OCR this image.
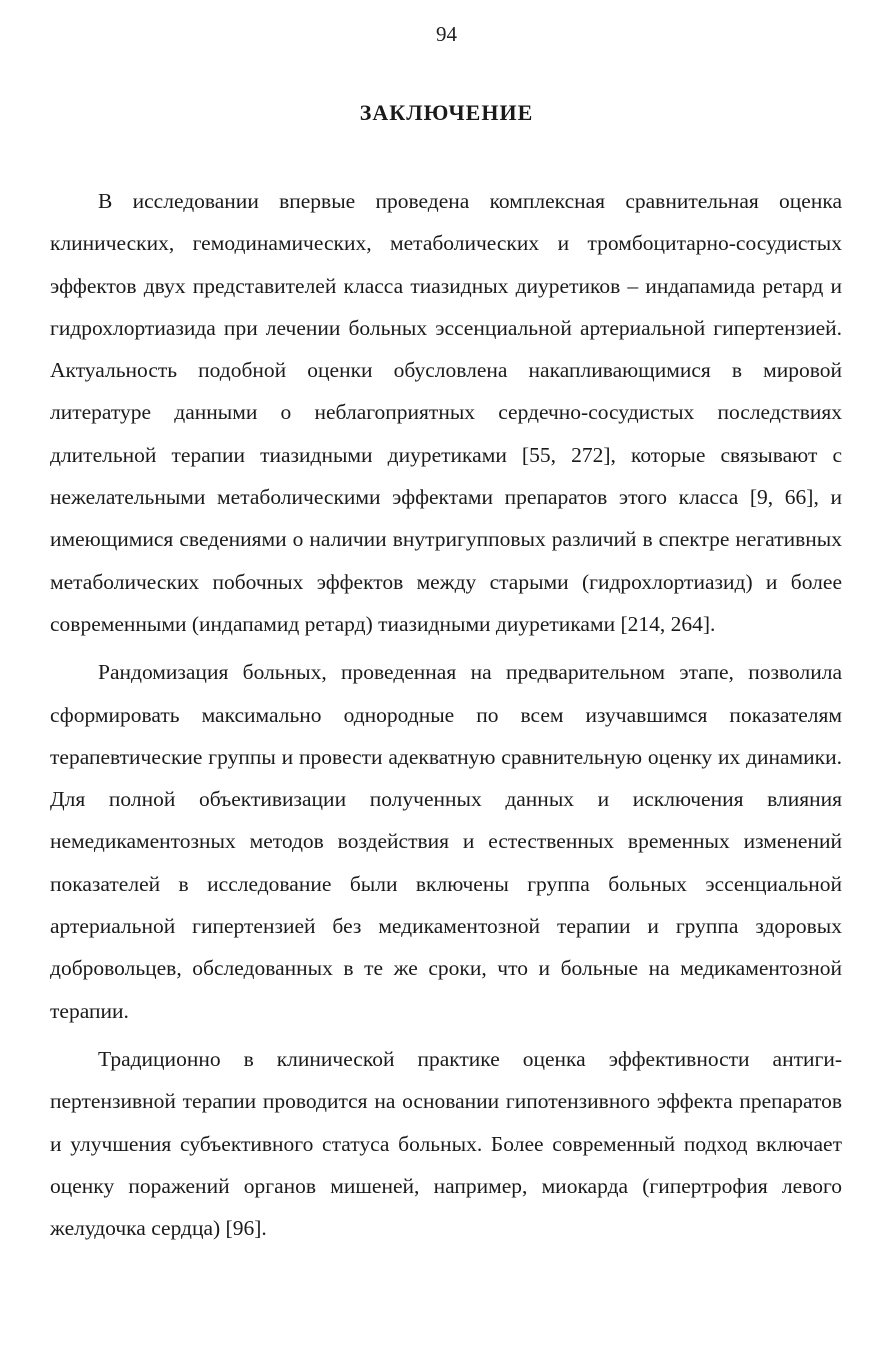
94
ЗАКЛЮЧЕНИЕ

В исследовании впервые проведена комплексная сравнительная оценка клинических, гемодинамических, метаболических и тромбоцитарно-сосудистых эффектов двух представителей класса тиазидных диуретиков – индапамида ретард и гидрохлортиазида при лечении больных эссенциальной артериальной гипертензией. Актуальность подобной оценки обусловлена накапливающимися в мировой литературе данными о неблагоприятных сердечно-сосудистых последствиях длительной терапии тиазидными диуретиками [55, 272], которые связывают с нежелательными метаболическими эффектами препаратов этого класса [9, 66], и имеющимися сведениями о наличии внутригупповых различий в спектре негативных метаболических побочных эффектов между старыми (гидрохлортиазид) и более современными (индапамид ретард) тиазидными диуретиками [214, 264].

Рандомизация больных, проведенная на предварительном этапе, позволила сформировать максимально однородные по всем изучавшимся показателям терапевтические группы и провести адекватную сравнительную оценку их динамики. Для полной объективизации полученных данных и исключения влияния немедикаментозных методов воздействия и естественных временных изменений показателей в исследование были включены группа больных эссенциальной артериальной гипертензией без медикаментозной терапии и группа здоровых добровольцев, обследованных в те же сроки, что и больные на медикаментозной терапии.

Традиционно в клинической практике оценка эффективности антигипертензивной терапии проводится на основании гипотензивного эффекта препаратов и улучшения субъективного статуса больных. Более современный подход включает оценку поражений органов мишеней, например, миокарда (гипертрофия левого желудочка сердца) [96].
